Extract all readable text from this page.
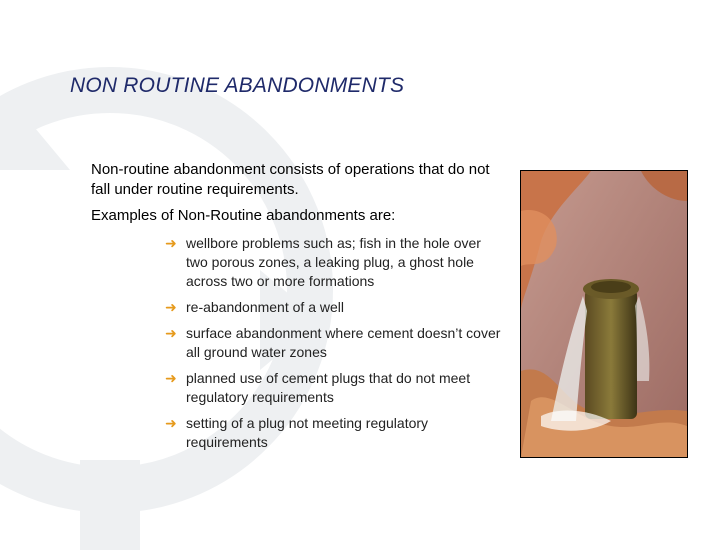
NON ROUTINE ABANDONMENTS

Non-routine abandonment consists of operations that do not fall under routine requirements.

Examples of Non-Routine abandonments are:

➜ wellbore problems such as; fish in the hole over two porous zones, a leaking plug, a ghost hole across two or more formations
➜ re-abandonment of a well
➜ surface abandonment where cement doesn’t cover all ground water zones
➜ planned use of cement plugs that do not meet regulatory requirements
➜ setting of a plug not meeting regulatory requirements
